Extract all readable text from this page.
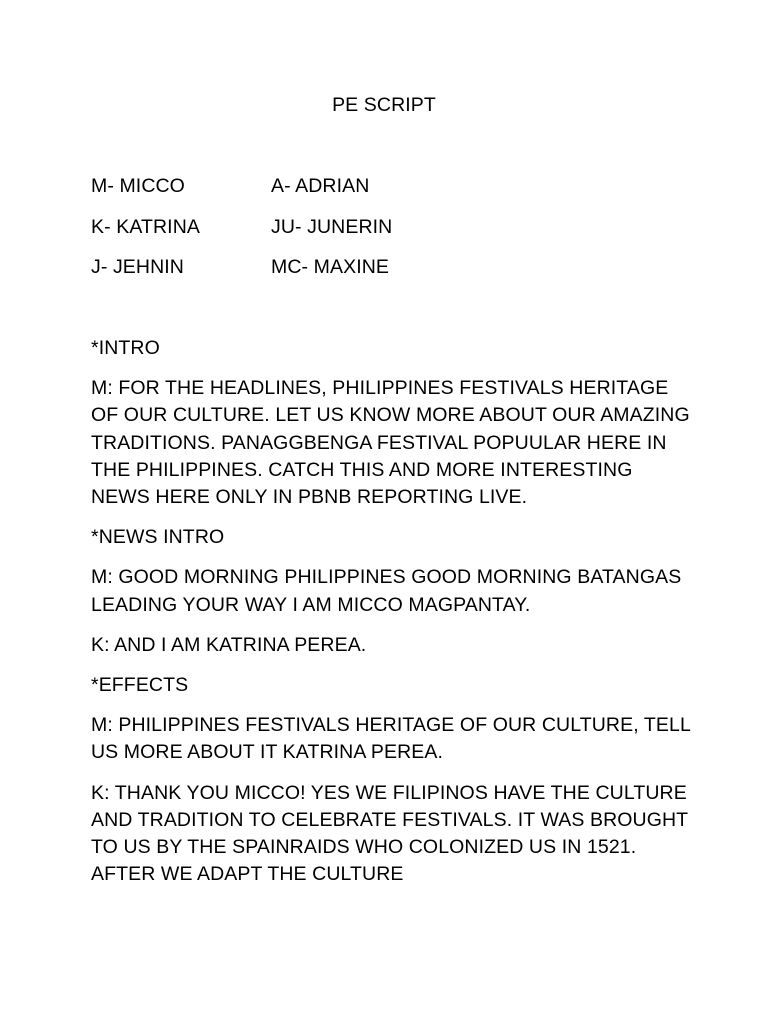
PE SCRIPT
M- MICCO	A- ADRIAN
K- KATRINA	JU- JUNERIN
J- JEHNIN	MC- MAXINE

*INTRO

M: FOR THE HEADLINES, PHILIPPINES FESTIVALS HERITAGE OF OUR CULTURE. LET US KNOW MORE ABOUT OUR AMAZING TRADITIONS. PANAGGBENGA FESTIVAL POPUULAR HERE IN THE PHILIPPINES. CATCH THIS AND MORE INTERESTING NEWS HERE ONLY IN PBNB REPORTING LIVE.

*NEWS INTRO

M: GOOD MORNING PHILIPPINES GOOD MORNING BATANGAS LEADING YOUR WAY I AM MICCO MAGPANTAY.

K: AND I AM KATRINA PEREA.

*EFFECTS

M: PHILIPPINES FESTIVALS HERITAGE OF OUR CULTURE, TELL US MORE ABOUT IT KATRINA PEREA.

K: THANK YOU MICCO! YES WE FILIPINOS HAVE THE CULTURE AND TRADITION TO CELEBRATE FESTIVALS. IT WAS BROUGHT TO US BY THE SPAINRAIDS WHO COLONIZED US IN 1521. AFTER WE ADAPT THE CULTURE
